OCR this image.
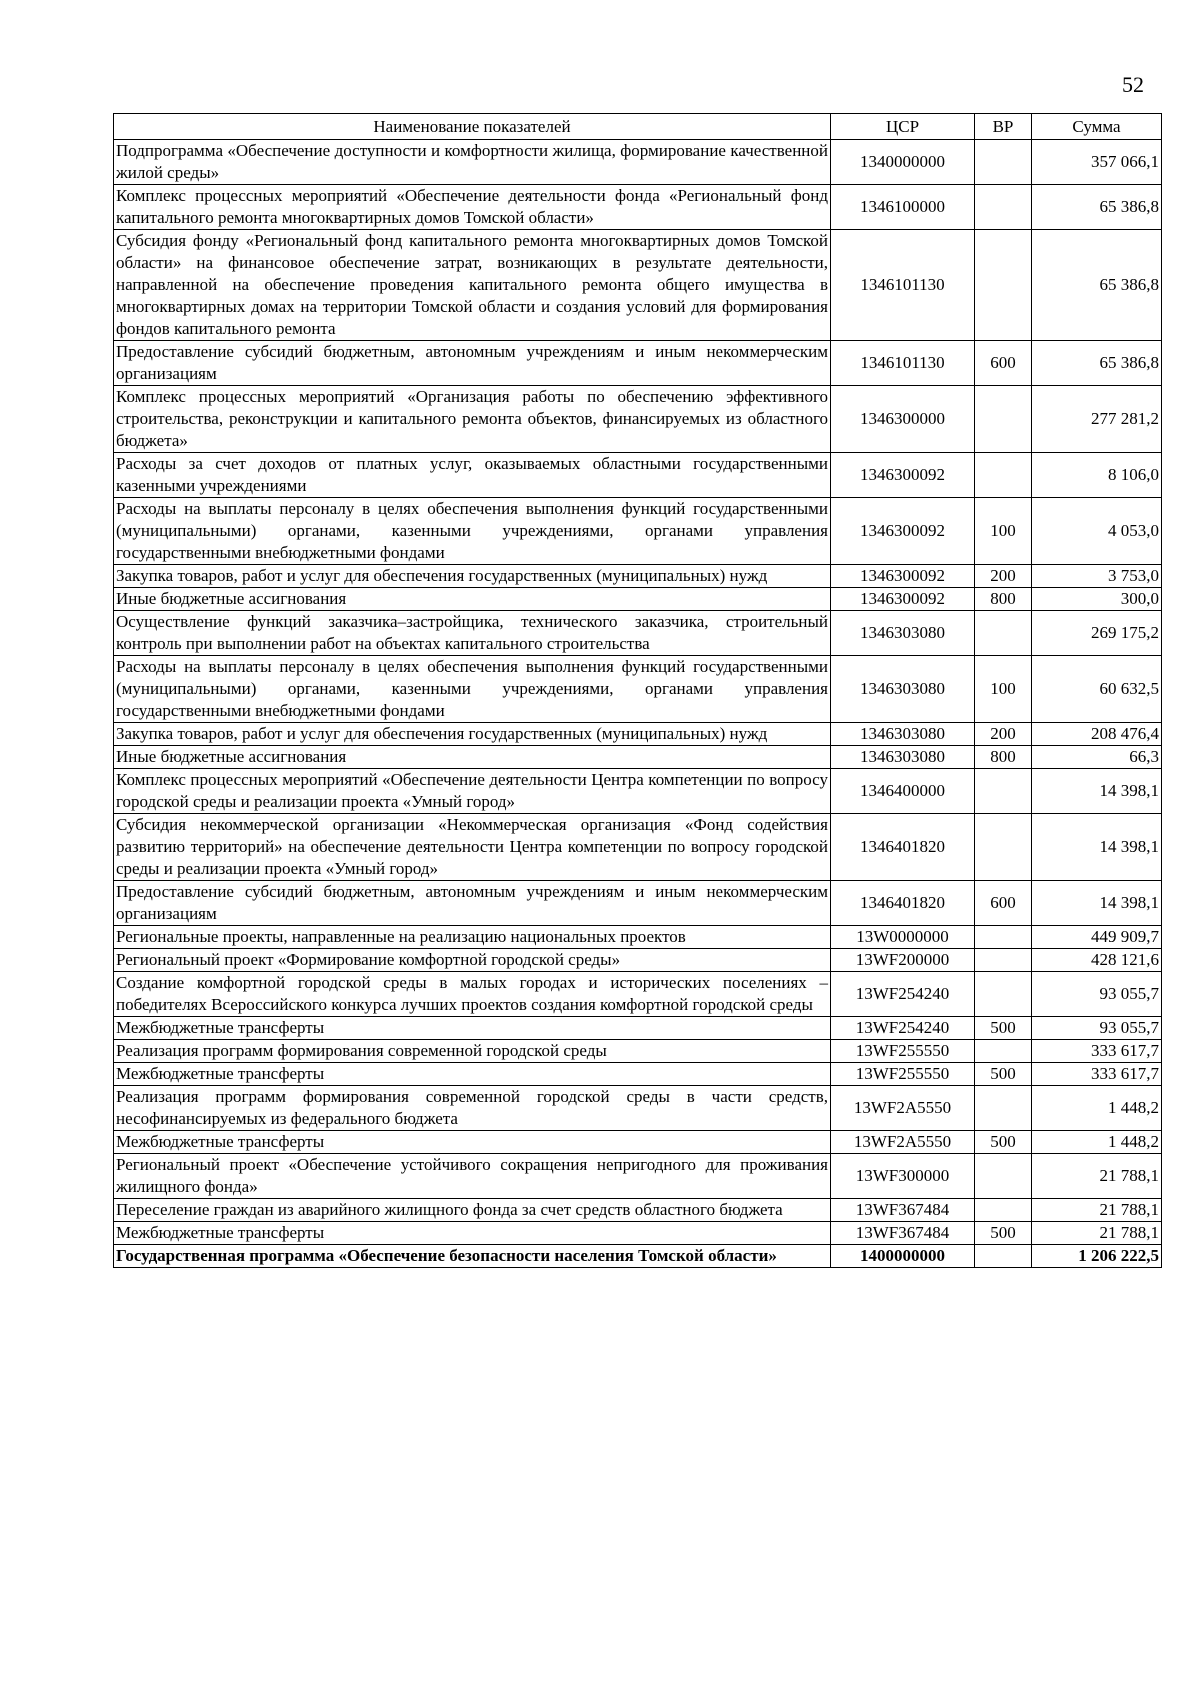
52
Наименование показателей	ЦСР	ВР	Сумма
Подпрограмма «Обеспечение доступности и комфортности жилища, формирование качественной жилой среды»	1340000000		357 066,1
Комплекс процессных мероприятий «Обеспечение деятельности фонда «Региональный фонд капитального ремонта многоквартирных домов Томской области»	1346100000		65 386,8
Субсидия фонду «Региональный фонд капитального ремонта многоквартирных домов Томской области» на финансовое обеспечение затрат, возникающих в результате деятельности, направленной на обеспечение проведения капитального ремонта общего имущества в многоквартирных домах на территории Томской области и создания условий для формирования фондов капитального ремонта	1346101130		65 386,8
Предоставление субсидий бюджетным, автономным учреждениям и иным некоммерческим организациям	1346101130	600	65 386,8
Комплекс процессных мероприятий «Организация работы по обеспечению эффективного строительства, реконструкции и капитального ремонта объектов, финансируемых из областного бюджета»	1346300000		277 281,2
Расходы за счет доходов от платных услуг, оказываемых областными государственными казенными учреждениями	1346300092		8 106,0
Расходы на выплаты персоналу в целях обеспечения выполнения функций государственными (муниципальными) органами, казенными учреждениями, органами управления государственными внебюджетными фондами	1346300092	100	4 053,0
Закупка товаров, работ и услуг для обеспечения государственных (муниципальных) нужд	1346300092	200	3 753,0
Иные бюджетные ассигнования	1346300092	800	300,0
Осуществление функций заказчика–застройщика, технического заказчика, строительный контроль при выполнении работ на объектах капитального строительства	1346303080		269 175,2
Расходы на выплаты персоналу в целях обеспечения выполнения функций государственными (муниципальными) органами, казенными учреждениями, органами управления государственными внебюджетными фондами	1346303080	100	60 632,5
Закупка товаров, работ и услуг для обеспечения государственных (муниципальных) нужд	1346303080	200	208 476,4
Иные бюджетные ассигнования	1346303080	800	66,3
Комплекс процессных мероприятий «Обеспечение деятельности Центра компетенции по вопросу городской среды и реализации проекта «Умный город»	1346400000		14 398,1
Субсидия некоммерческой организации «Некоммерческая организация «Фонд содействия развитию территорий» на обеспечение деятельности Центра компетенции по вопросу городской среды и реализации проекта «Умный город»	1346401820		14 398,1
Предоставление субсидий бюджетным, автономным учреждениям и иным некоммерческим организациям	1346401820	600	14 398,1
Региональные проекты, направленные на реализацию национальных проектов	13W0000000		449 909,7
Региональный проект «Формирование комфортной городской среды»	13WF200000		428 121,6
Создание комфортной городской среды в малых городах и исторических поселениях – победителях Всероссийского конкурса лучших проектов создания комфортной городской среды	13WF254240		93 055,7
Межбюджетные трансферты	13WF254240	500	93 055,7
Реализация программ формирования современной городской среды	13WF255550		333 617,7
Межбюджетные трансферты	13WF255550	500	333 617,7
Реализация программ формирования современной городской среды в части средств, несофинансируемых из федерального бюджета	13WF2A5550		1 448,2
Межбюджетные трансферты	13WF2A5550	500	1 448,2
Региональный проект «Обеспечение устойчивого сокращения непригодного для проживания жилищного фонда»	13WF300000		21 788,1
Переселение граждан из аварийного жилищного фонда за счет средств областного бюджета	13WF367484		21 788,1
Межбюджетные трансферты	13WF367484	500	21 788,1
Государственная программа «Обеспечение безопасности населения Томской области»	1400000000		1 206 222,5
